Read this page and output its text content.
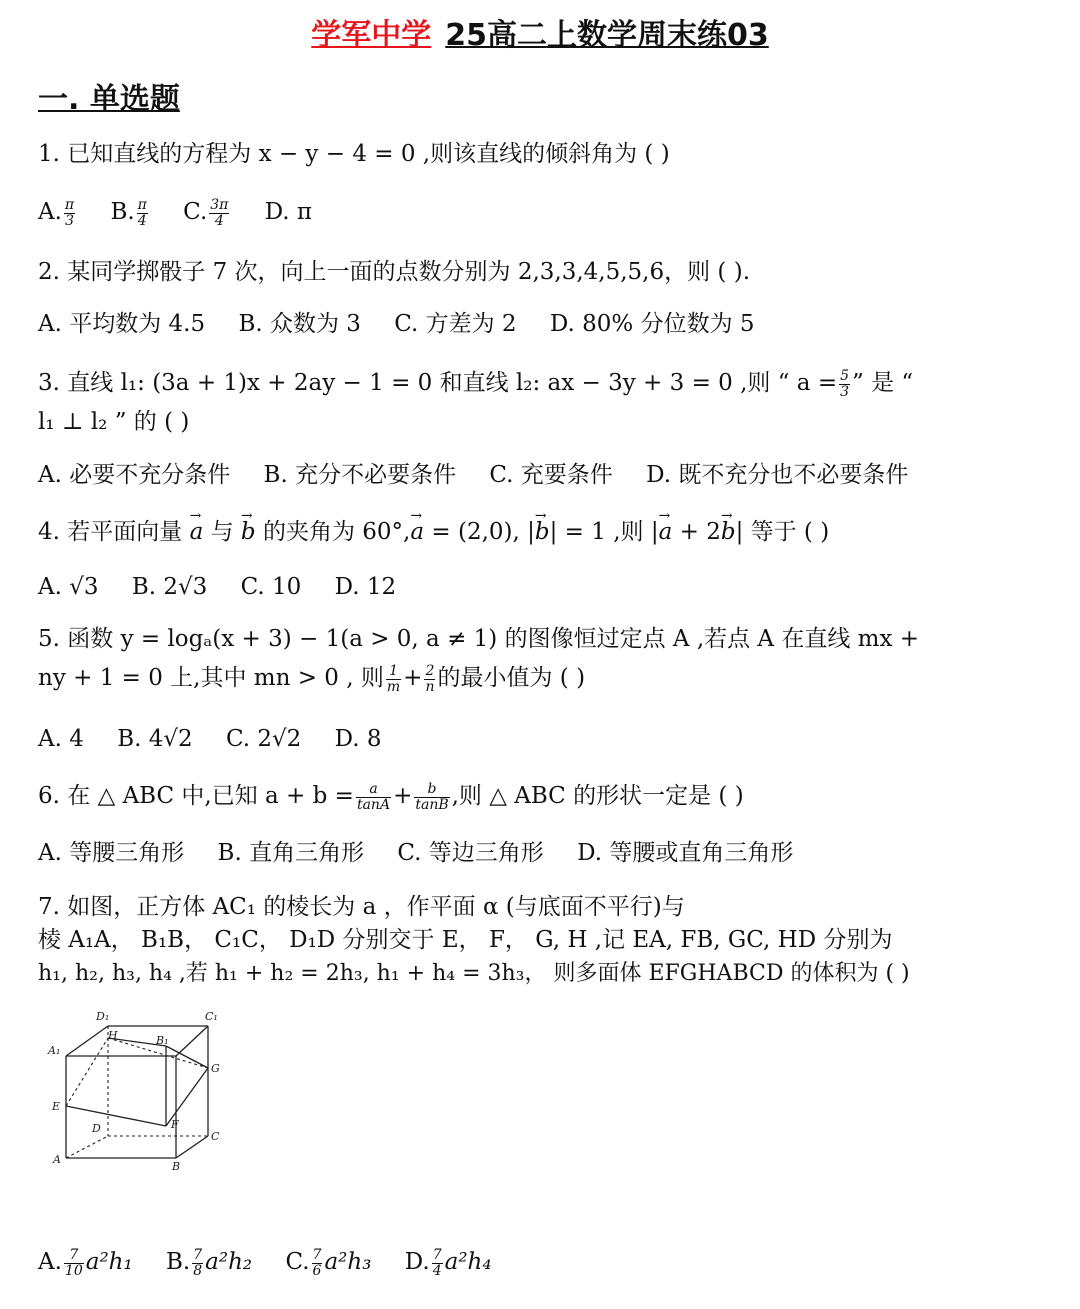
学军中学 25高二上数学周末练03
一. 单选题
1. 已知直线的方程为 x − y − 4 = 0 ,则该直线的倾斜角为 ( )
A. $\frac{\pi}{3} B$. $\frac{\pi}{4} C$. $\frac{3\pi}{4} D$. π
2. 某同学掷骰子 7 次，向上一面的点数分别为 2,3,3,4,5,5,6，则 ( ).
A. 平均数为 4.5 B. 众数为 3 C. 方差为 2 D. 80% 分位数为 5
3. 直线 l₁: (3a + 1)x + 2ay − 1 = 0 和直线 l₂: ax − 3y + 3 = 0 ,则 “ $a = \frac{5}{3}$ ” 是 “
l₁ ⊥ l₂ ” 的 ( )
A. 必要不充分条件 B. 充分不必要条件 C. 充要条件 D. 既不充分也不必要条件
4. 若平面向量 → a 与 → b 的夹角为 60°,→ a = (2,0), |→ b| = 1 ,则 |→ a + 2→ b| 等于 ( )
A. √3 B. 2√3 C. 10 D. 12
5. 函数 y = logₐ(x + 3) − 1(a > 0, a ≠ 1) 的图像恒过定点 A ,若点 A 在直线 mx +
ny + 1 = 0 上,其中 mn > 0 , 则 $\frac{1}{m} + \frac{2}{n}$ 的最小值为 ( )
A. 4 B. 4√2 C. 2√2 D. 8
6. 在 △ ABC 中,已知 $a + b = \frac{a}{\tan A} + \frac{b}{\tan B}$ ,则 △ ABC 的形状一定是 ( )
A. 等腰三角形 B. 直角三角形 C. 等边三角形 D. 等腰或直角三角形
7. 如图，正方体 AC₁ 的棱长为 a ，作平面 α (与底面不平行)与
棱 A₁A， B₁B， C₁C， D₁D 分别交于 E， F， G, H ,记 EA, FB, GC, HD 分别为
h₁, h₂, h₃, h₄ ,若 h₁ + h₂ = 2h₃, h₁ + h₄ = 3h₃， 则多面体 EFGHABCD 的体积为 ( )
D₁	C₁
A₁
B₁
H
G
E
F
D
C
A
B
A. $\frac{7}{10} a^2h_1$ B. $\frac{7}{8} a^2h_2$ C. $\frac{7}{6} a^2h_3$ D. $\frac{7}{4} a^2h_4$
